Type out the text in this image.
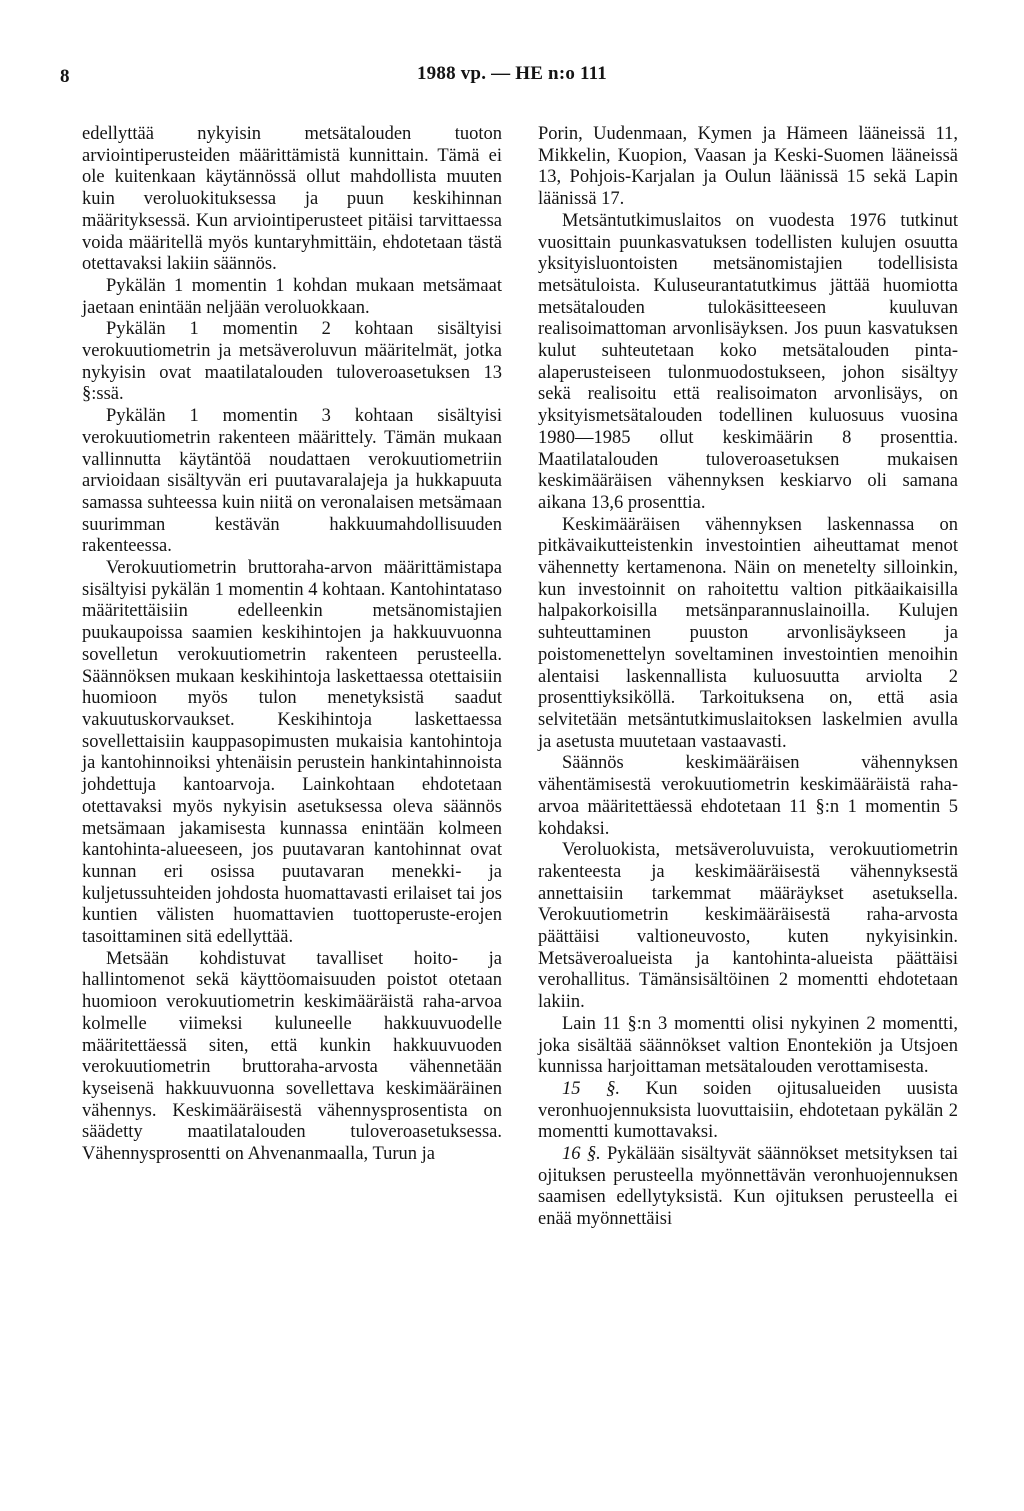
8	1988 vp. — HE n:o 111

edellyttää nykyisin metsätalouden tuoton arviointiperusteiden määrittämistä kunnittain. Tämä ei ole kuitenkaan käytännössä ollut mahdollista muuten kuin veroluokituksessa ja puun keskihinnan määrityksessä. Kun arviointiperusteet pitäisi tarvittaessa voida määritellä myös kuntaryhmittäin, ehdotetaan tästä otettavaksi lakiin säännös.

Pykälän 1 momentin 1 kohdan mukaan metsämaat jaetaan enintään neljään veroluokkaan.

Pykälän 1 momentin 2 kohtaan sisältyisi verokuutiometrin ja metsäveroluvun määritelmät, jotka nykyisin ovat maatilatalouden tuloveroasetuksen 13 §:ssä.

Pykälän 1 momentin 3 kohtaan sisältyisi verokuutiometrin rakenteen määrittely. Tämän mukaan vallinnutta käytäntöä noudattaen verokuutiometriin arvioidaan sisältyvän eri puutavaralajeja ja hukkapuuta samassa suhteessa kuin niitä on veronalaisen metsämaan suurimman kestävän hakkuumahdollisuuden rakenteessa.

Verokuutiometrin bruttoraha-arvon määrittämistapa sisältyisi pykälän 1 momentin 4 kohtaan. Kantohintataso määritettäisiin edelleenkin metsänomistajien puukaupoissa saamien keskihintojen ja hakkuuvuonna sovelletun verokuutiometrin rakenteen perusteella. Säännöksen mukaan keskihintoja laskettaessa otettaisiin huomioon myös tulon menetyksistä saadut vakuutuskorvaukset. Keskihintoja laskettaessa sovellettaisiin kauppasopimusten mukaisia kantohintoja ja kantohinnoiksi yhtenäisin perustein hankintahinnoista johdettuja kantoarvoja. Lainkohtaan ehdotetaan otettavaksi myös nykyisin asetuksessa oleva säännös metsämaan jakamisesta kunnassa enintään kolmeen kantohinta-alueeseen, jos puutavaran kantohinnat ovat kunnan eri osissa puutavaran menekki- ja kuljetussuhteiden johdosta huomattavasti erilaiset tai jos kuntien välisten huomattavien tuottoperuste-erojen tasoittaminen sitä edellyttää.

Metsään kohdistuvat tavalliset hoito- ja hallintomenot sekä käyttöomaisuuden poistot otetaan huomioon verokuutiometrin keskimääräistä raha-arvoa kolmelle viimeksi kuluneelle hakkuuvuodelle määritettäessä siten, että kunkin hakkuuvuoden verokuutiometrin bruttoraha-arvosta vähennetään kyseisenä hakkuuvuonna sovellettava keskimääräinen vähennys. Keskimääräisestä vähennysprosentista on säädetty maatilatalouden tuloveroasetuksessa. Vähennysprosentti on Ahvenanmaalla, Turun ja

Porin, Uudenmaan, Kymen ja Hämeen lääneissä 11, Mikkelin, Kuopion, Vaasan ja Keski-Suomen lääneissä 13, Pohjois-Karjalan ja Oulun läänissä 15 sekä Lapin läänissä 17.

Metsäntutkimuslaitos on vuodesta 1976 tutkinut vuosittain puunkasvatuksen todellisten kulujen osuutta yksityisluontoisten metsänomistajien todellisista metsätuloista. Kuluseurantatutkimus jättää huomiotta metsätalouden tulokäsitteeseen kuuluvan realisoimattoman arvonlisäyksen. Jos puun kasvatuksen kulut suhteutetaan koko metsätalouden pinta-alaperusteiseen tulonmuodostukseen, johon sisältyy sekä realisoitu että realisoimaton arvonlisäys, on yksityismetsätalouden todellinen kuluosuus vuosina 1980—1985 ollut keskimäärin 8 prosenttia. Maatilatalouden tuloveroasetuksen mukaisen keskimääräisen vähennyksen keskiarvo oli samana aikana 13,6 prosenttia.

Keskimääräisen vähennyksen laskennassa on pitkävaikutteistenkin investointien aiheuttamat menot vähennetty kertamenona. Näin on menetelty silloinkin, kun investoinnit on rahoitettu valtion pitkäaikaisilla halpakorkoisilla metsänparannuslainoilla. Kulujen suhteuttaminen puuston arvonlisäykseen ja poistomenettelyn soveltaminen investointien menoihin alentaisi laskennallista kuluosuutta arviolta 2 prosenttiyksiköllä. Tarkoituksena on, että asia selvitetään metsäntutkimuslaitoksen laskelmien avulla ja asetusta muutetaan vastaavasti.

Säännös keskimääräisen vähennyksen vähentämisestä verokuutiometrin keskimääräistä raha-arvoa määritettäessä ehdotetaan 11 §:n 1 momentin 5 kohdaksi.

Veroluokista, metsäveroluvuista, verokuutiometrin rakenteesta ja keskimääräisestä vähennyksestä annettaisiin tarkemmat määräykset asetuksella. Verokuutiometrin keskimääräisestä raha-arvosta päättäisi valtioneuvosto, kuten nykyisinkin. Metsäveroalueista ja kantohinta-alueista päättäisi verohallitus. Tämänsisältöinen 2 momentti ehdotetaan lakiin.

Lain 11 §:n 3 momentti olisi nykyinen 2 momentti, joka sisältää säännökset valtion Enontekiön ja Utsjoen kunnissa harjoittaman metsätalouden verottamisesta.

15 §. Kun soiden ojitusalueiden uusista veronhuojennuksista luovuttaisiin, ehdotetaan pykälän 2 momentti kumottavaksi.

16 §. Pykälään sisältyvät säännökset metsityksen tai ojituksen perusteella myönnettävän veronhuojennuksen saamisen edellytyksistä. Kun ojituksen perusteella ei enää myönnettäisi
